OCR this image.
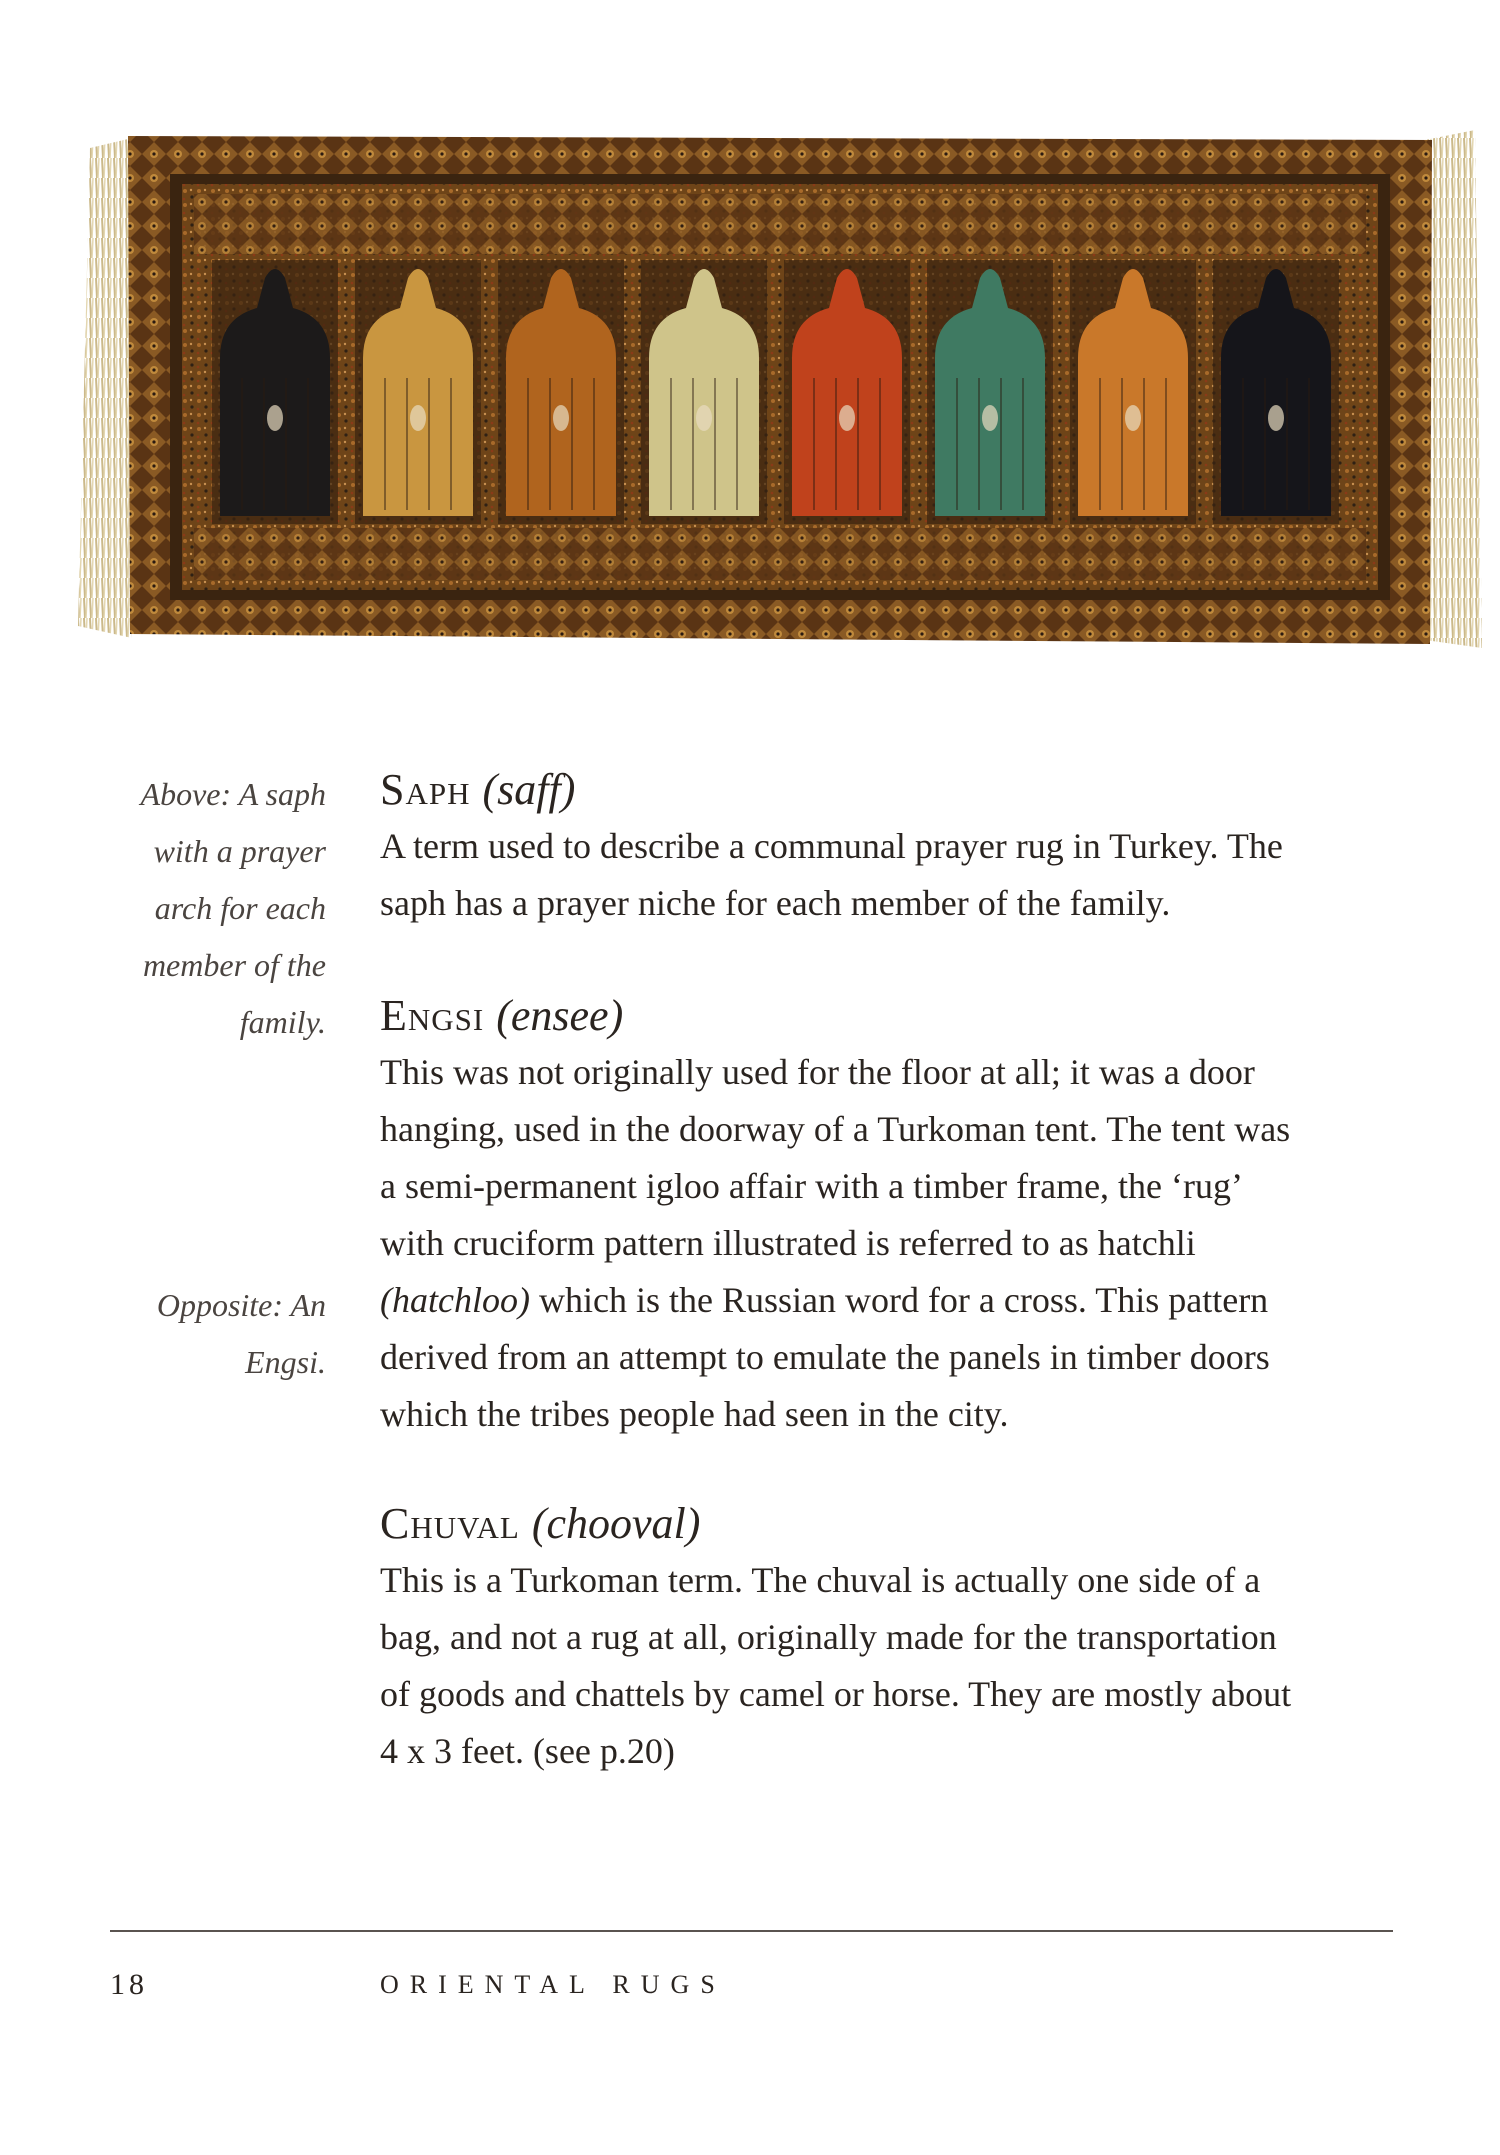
Above: A saph
with a prayer
arch for each
member of the
family.
Opposite: An
Engsi.
Saph (saff)

A term used to describe a communal prayer rug in Turkey. The

saph has a prayer niche for each member of the family.

Engsi (ensee)

This was not originally used for the floor at all; it was a door

hanging, used in the doorway of a Turkoman tent. The tent was

a semi-permanent igloo affair with a timber frame, the ‘rug’

with cruciform pattern illustrated is referred to as hatchli

(hatchloo) which is the Russian word for a cross. This pattern

derived from an attempt to emulate the panels in timber doors

which the tribes people had seen in the city.

Chuval (chooval)

This is a Turkoman term. The chuval is actually one side of a

bag, and not a rug at all, originally made for the transportation

of goods and chattels by camel or horse. They are mostly about

4 x 3 feet. (see p.20)

18	ORIENTAL RUGS
